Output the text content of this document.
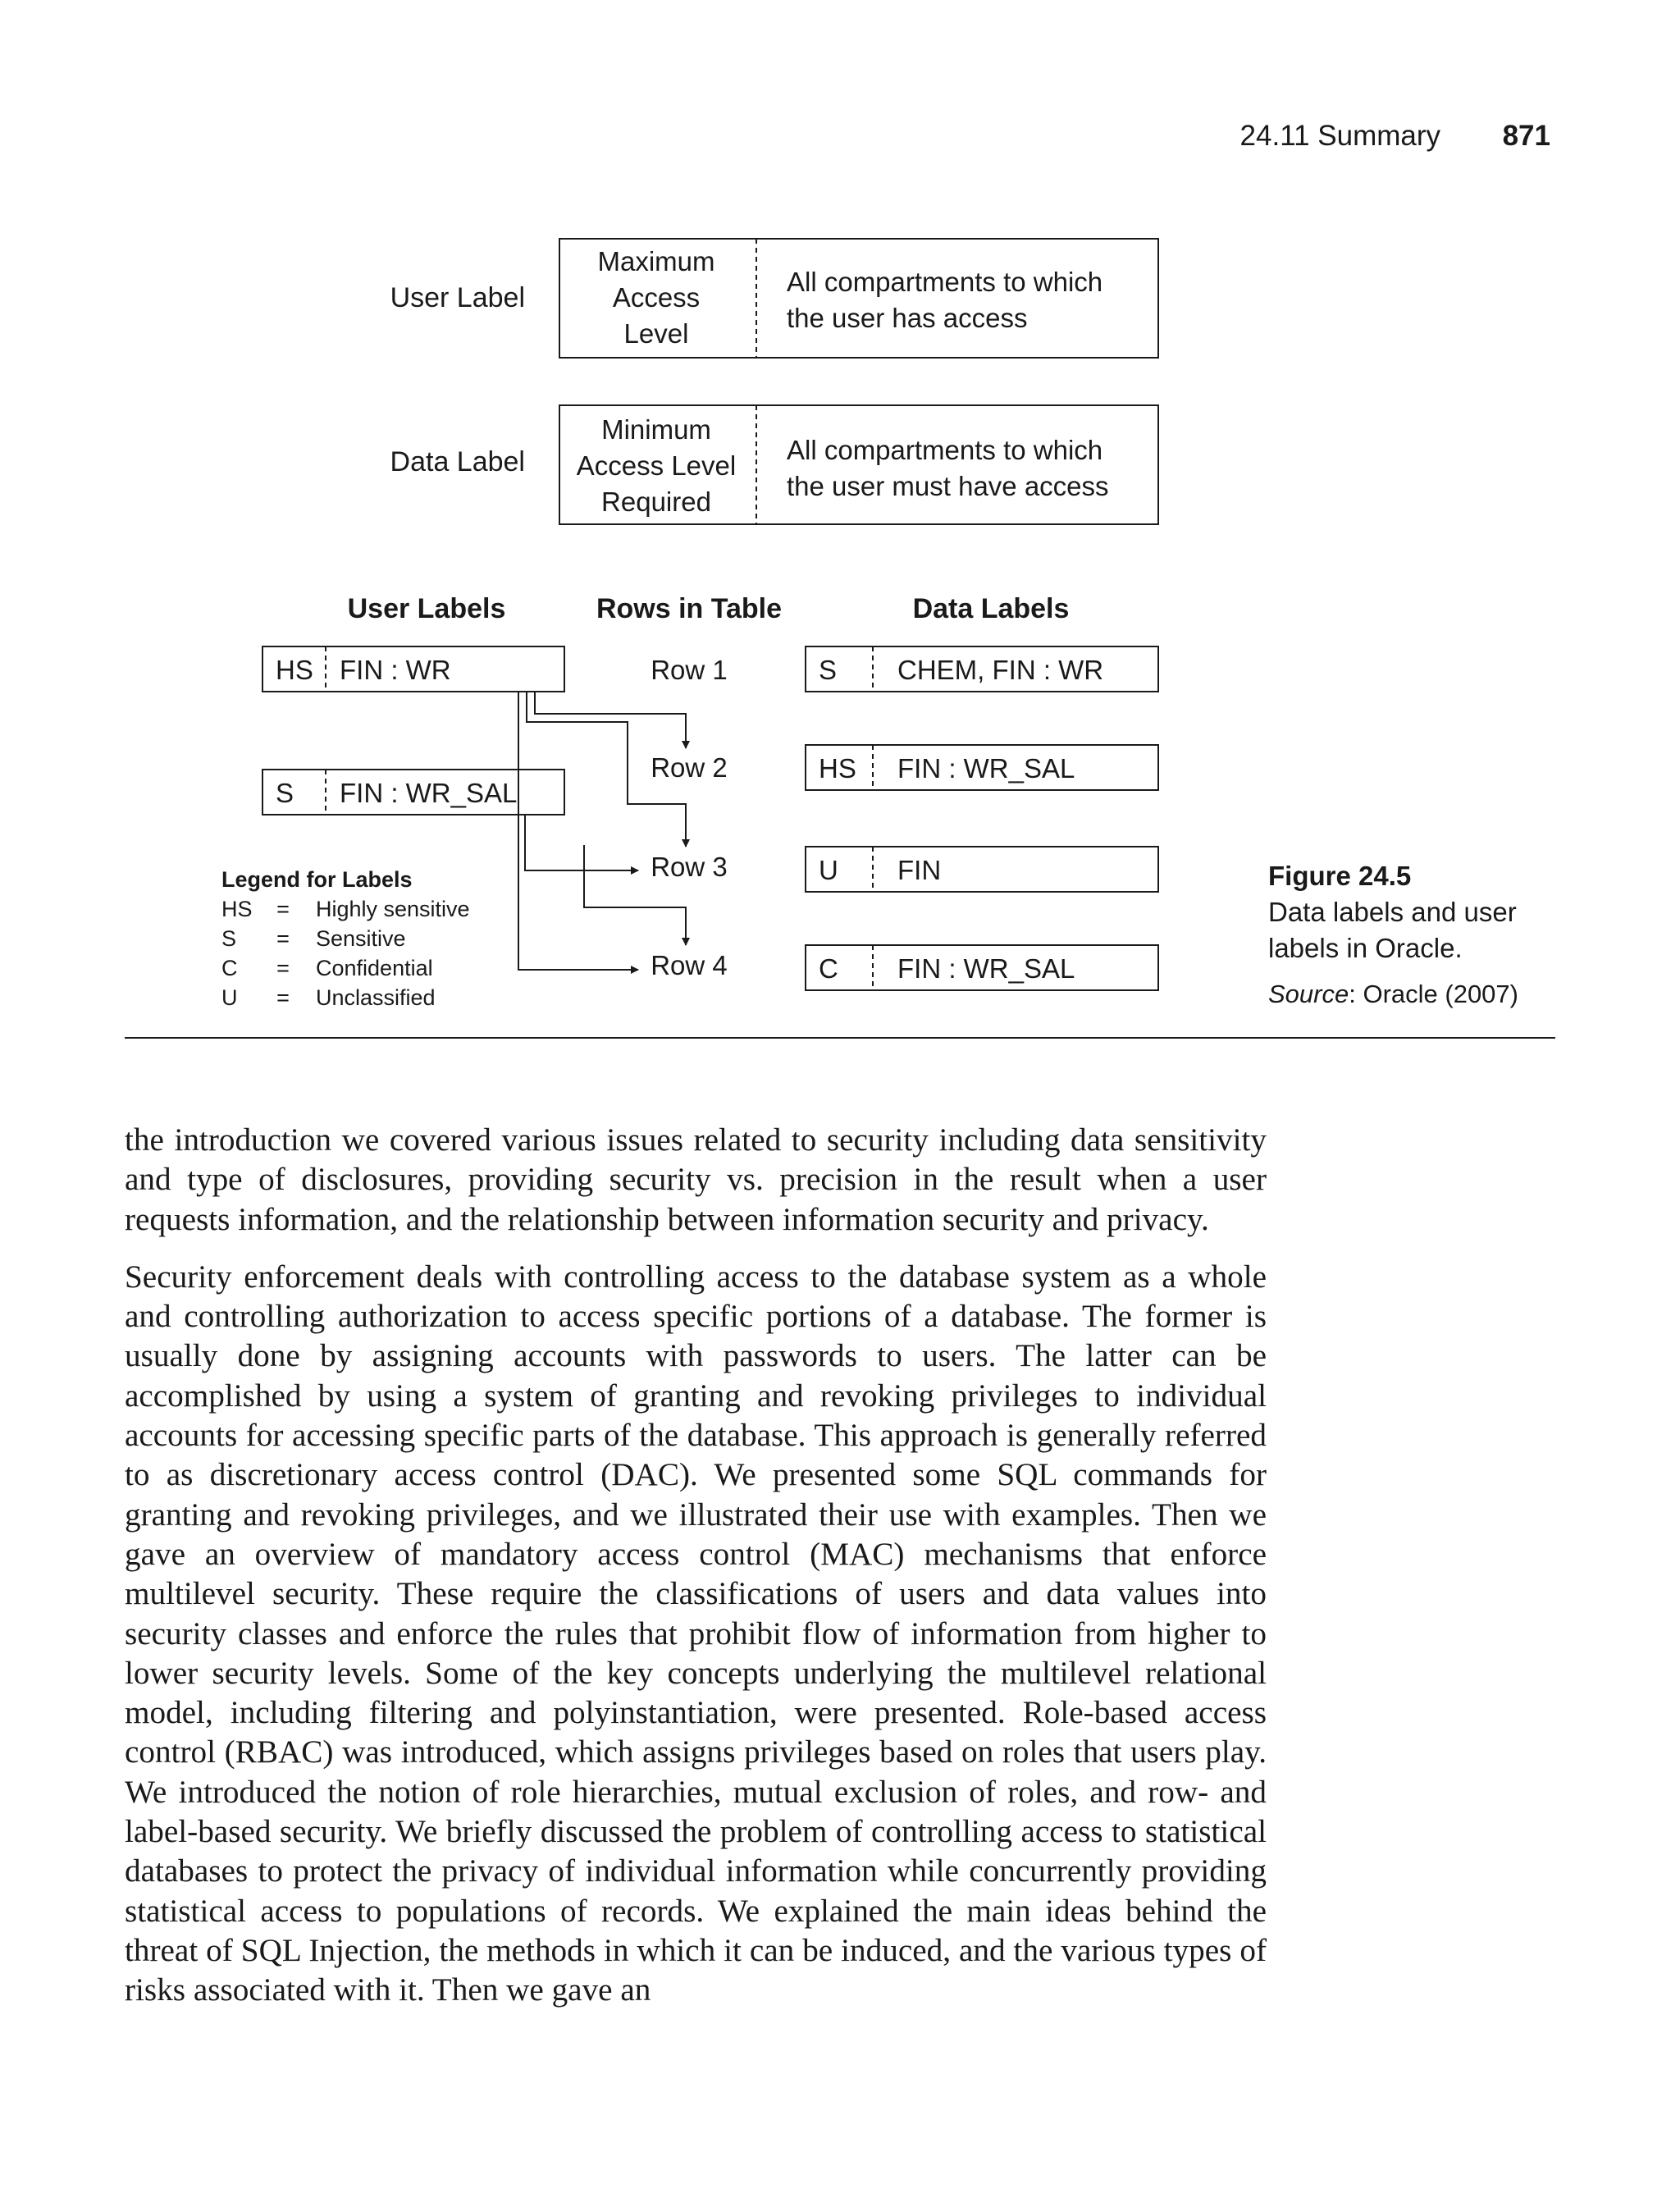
24.11 Summary 871
User Label
Maximum
Access
Level
All compartments to which
the user has access
Data Label
Minimum
Access Level
Required
All compartments to which
the user must have access
User Labels	Rows in Table	Data Labels
HS FIN : WR
S FIN : WR_SAL
Row 1
Row 2
Row 3
Row 4
S CHEM, FIN : WR
HS FIN : WR_SAL
U FIN
C FIN : WR_SAL
Legend for Labels
HS = Highly sensitive
S = Sensitive
C = Confidential
U = Unclassified
Figure 24.5
Data labels and user
labels in Oracle.
Source: Oracle (2007)

the introduction we covered various issues related to security including data sensitivity and type of disclosures, providing security vs. precision in the result when a user requests information, and the relationship between information security and privacy.

Security enforcement deals with controlling access to the database system as a whole and controlling authorization to access specific portions of a database. The former is usually done by assigning accounts with passwords to users. The latter can be accomplished by using a system of granting and revoking privileges to individual accounts for accessing specific parts of the database. This approach is generally referred to as discretionary access control (DAC). We presented some SQL commands for granting and revoking privileges, and we illustrated their use with examples. Then we gave an overview of mandatory access control (MAC) mechanisms that enforce multilevel security. These require the classifications of users and data values into security classes and enforce the rules that prohibit flow of information from higher to lower security levels. Some of the key concepts underlying the multilevel relational model, including filtering and polyinstantiation, were presented. Role-based access control (RBAC) was introduced, which assigns privileges based on roles that users play. We introduced the notion of role hierarchies, mutual exclusion of roles, and row- and label-based security. We briefly discussed the problem of controlling access to statistical databases to protect the privacy of individual information while concurrently providing statistical access to populations of records. We explained the main ideas behind the threat of SQL Injection, the methods in which it can be induced, and the various types of risks associated with it. Then we gave an
